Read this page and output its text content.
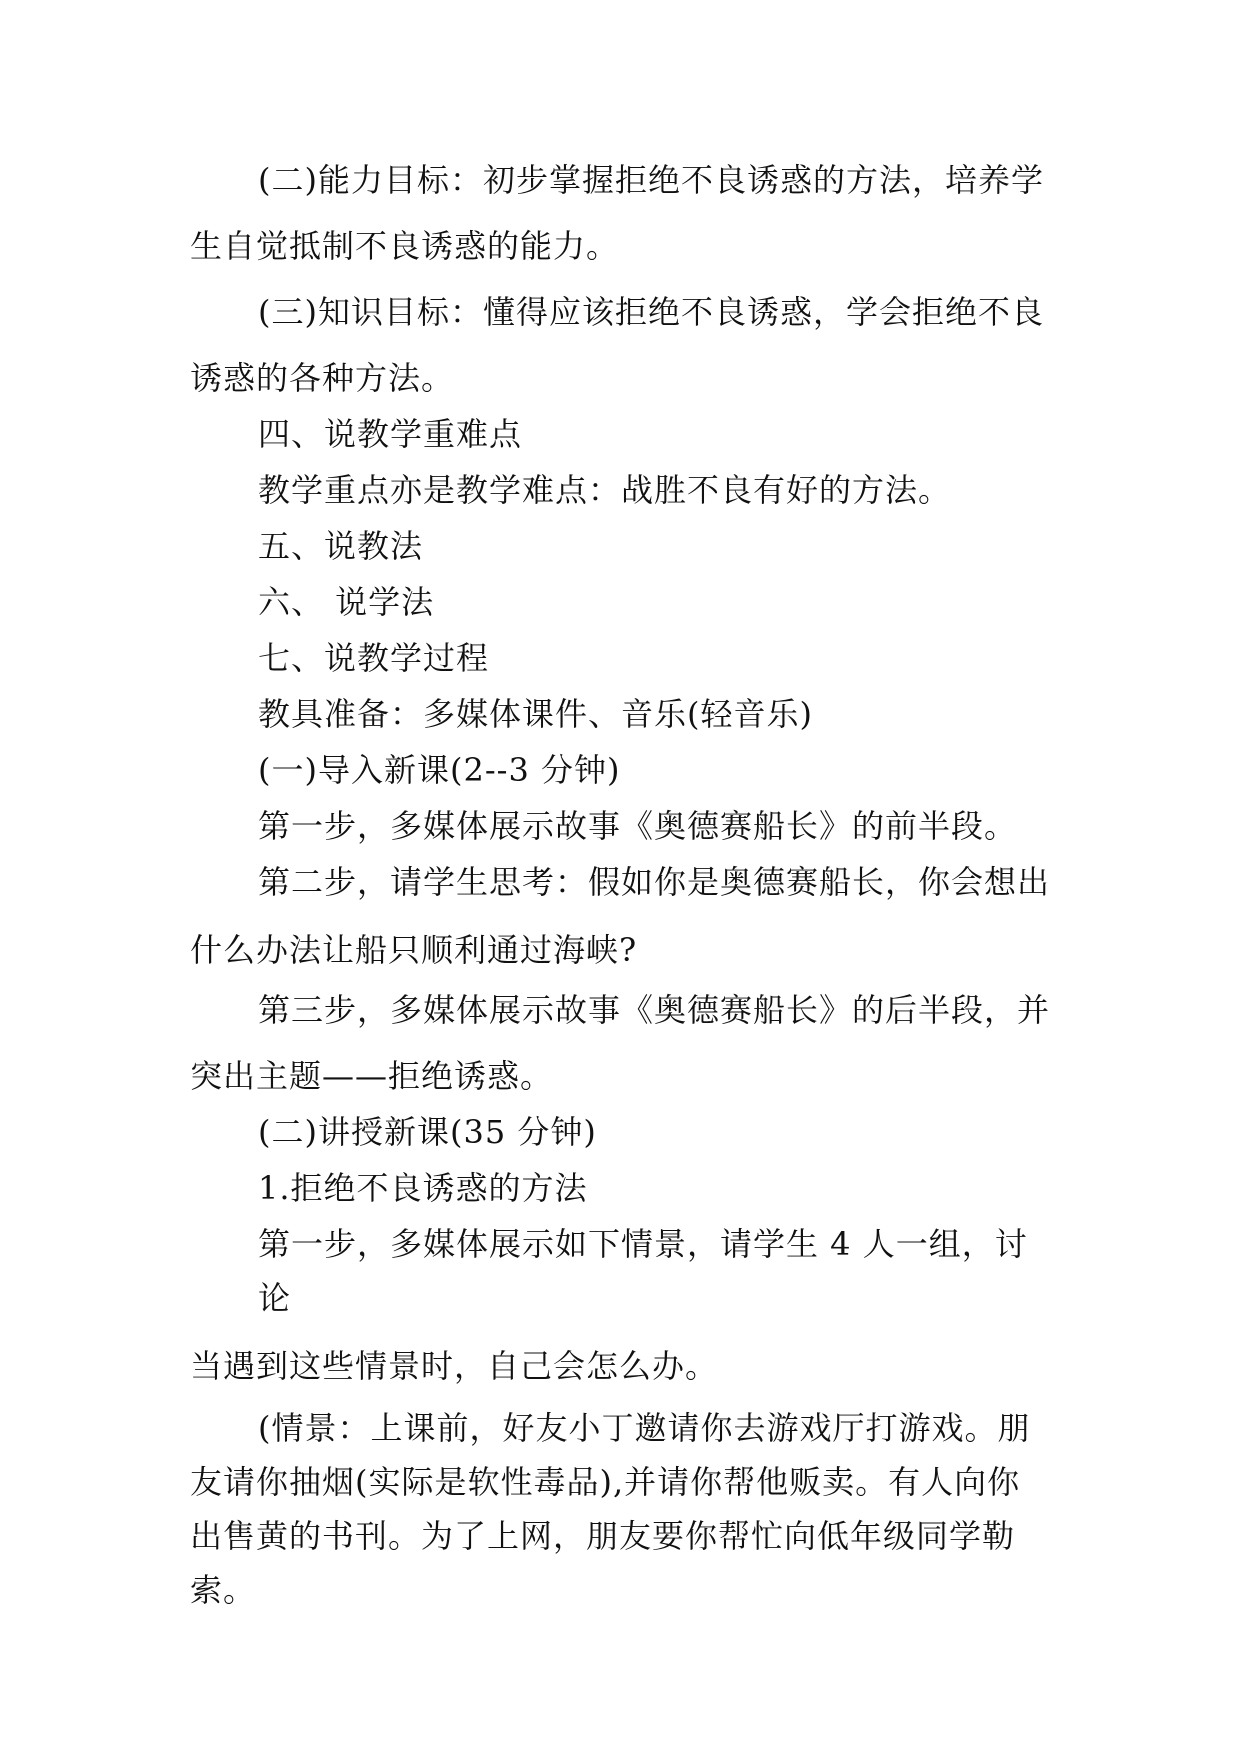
(二)能力目标：初步掌握拒绝不良诱惑的方法，培养学
生自觉抵制不良诱惑的能力。
(三)知识目标：懂得应该拒绝不良诱惑，学会拒绝不良
诱惑的各种方法。
四、说教学重难点
教学重点亦是教学难点：战胜不良有好的方法。
五、说教法
六、 说学法
七、说教学过程
教具准备：多媒体课件、音乐(轻音乐)
(一)导入新课(2--3 分钟)
第一步，多媒体展示故事《奥德赛船长》的前半段。
第二步，请学生思考：假如你是奥德赛船长，你会想出
什么办法让船只顺利通过海峡?
第三步，多媒体展示故事《奥德赛船长》的后半段，并
突出主题——拒绝诱惑。
(二)讲授新课(35 分钟)
1.拒绝不良诱惑的方法
第一步，多媒体展示如下情景，请学生 4 人一组，讨
论
当遇到这些情景时，自己会怎么办。
(情景：上课前，好友小丁邀请你去游戏厅打游戏。朋
友请你抽烟(实际是软性毒品),并请你帮他贩卖。有人向你
出售黄的书刊。为了上网，朋友要你帮忙向低年级同学勒
索。
